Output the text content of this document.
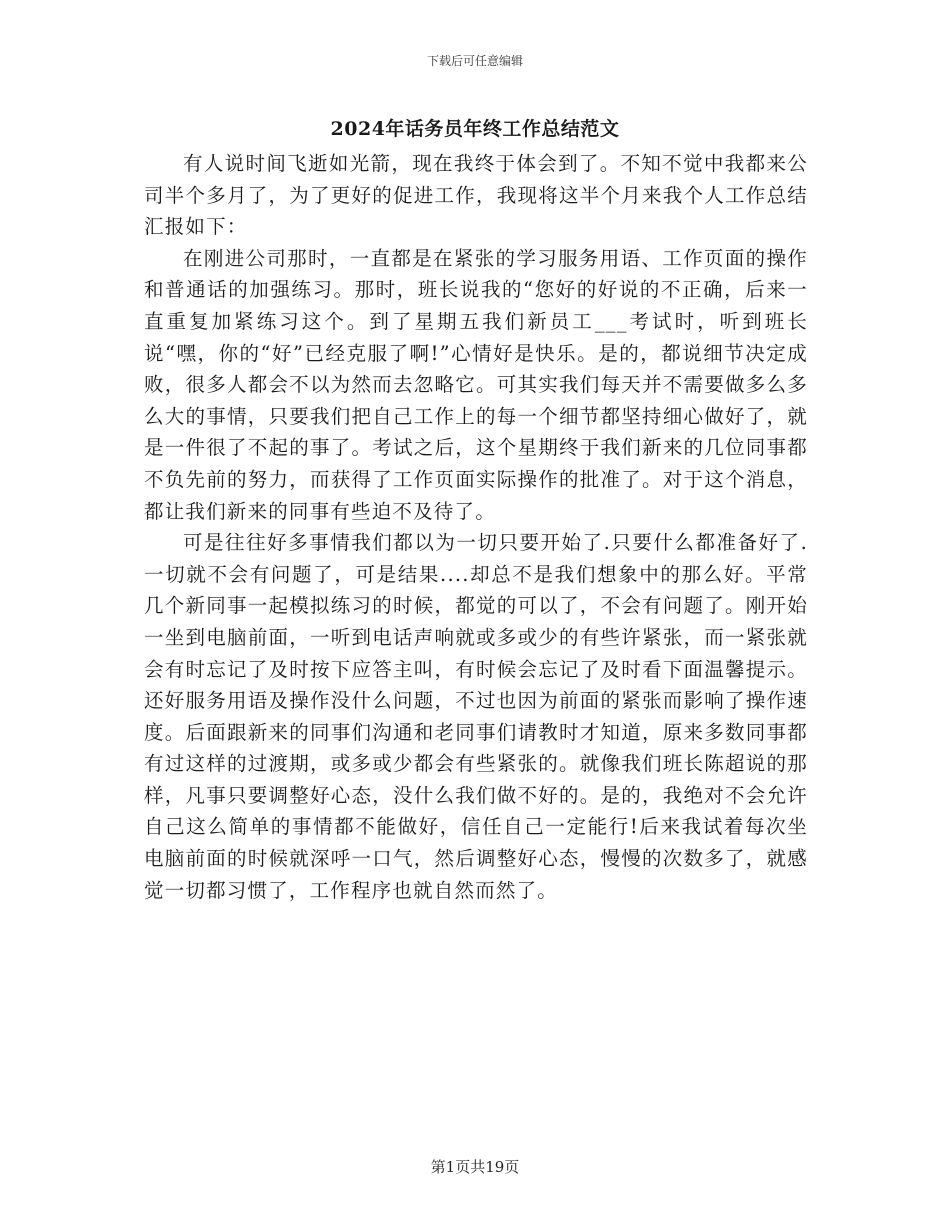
下载后可任意编辑
2024年话务员年终工作总结范文

有人说时间飞逝如光箭，现在我终于体会到了。不知不觉中我都来公司半个多月了，为了更好的促进工作，我现将这半个月来我个人工作总结汇报如下：

在刚进公司那时，一直都是在紧张的学习服务用语、工作页面的操作和普通话的加强练习。那时，班长说我的“您好的好说的不正确，后来一直重复加紧练习这个。到了星期五我们新员工___考试时，听到班长说“嘿，你的“好”已经克服了啊!”心情好是快乐。是的，都说细节决定成败，很多人都会不以为然而去忽略它。可其实我们每天并不需要做多么多么大的事情，只要我们把自己工作上的每一个细节都坚持细心做好了，就是一件很了不起的事了。考试之后，这个星期终于我们新来的几位同事都不负先前的努力，而获得了工作页面实际操作的批准了。对于这个消息，都让我们新来的同事有些迫不及待了。

可是往往好多事情我们都以为一切只要开始了.只要什么都准备好了.一切就不会有问题了，可是结果....却总不是我们想象中的那么好。平常几个新同事一起模拟练习的时候，都觉的可以了，不会有问题了。刚开始一坐到电脑前面，一听到电话声响就或多或少的有些许紧张，而一紧张就会有时忘记了及时按下应答主叫，有时候会忘记了及时看下面温馨提示。还好服务用语及操作没什么问题，不过也因为前面的紧张而影响了操作速度。后面跟新来的同事们沟通和老同事们请教时才知道，原来多数同事都有过这样的过渡期，或多或少都会有些紧张的。就像我们班长陈超说的那样，凡事只要调整好心态，没什么我们做不好的。是的，我绝对不会允许自己这么简单的事情都不能做好，信任自己一定能行!后来我试着每次坐电脑前面的时候就深呼一口气，然后调整好心态，慢慢的次数多了，就感觉一切都习惯了，工作程序也就自然而然了。

第1页共19页
